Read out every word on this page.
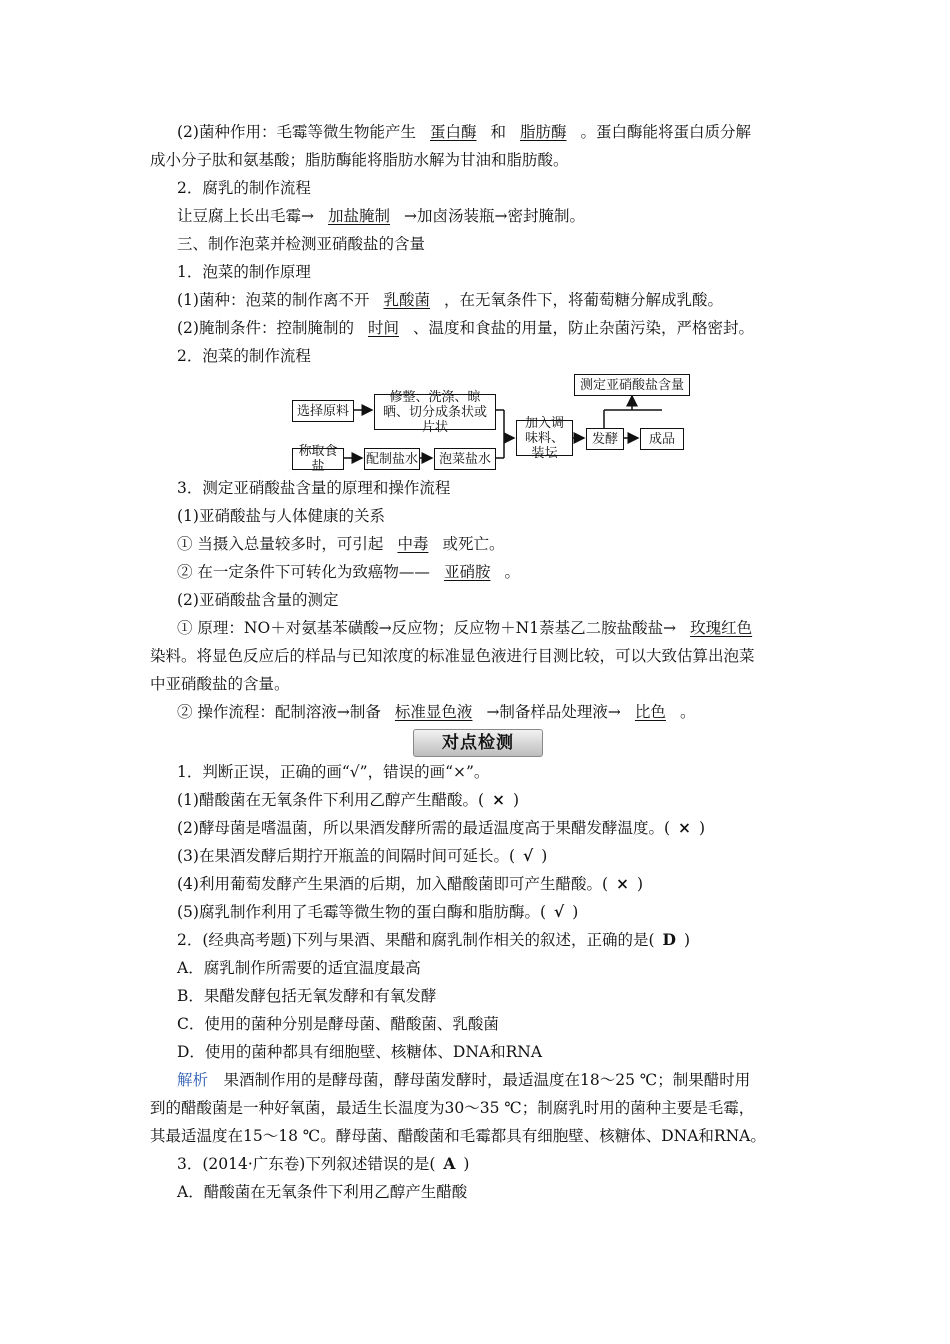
(2)菌种作用：毛霉等微生物能产生 蛋白酶 和 脂肪酶 。蛋白酶能将蛋白质分解
成小分子肽和氨基酸；脂肪酶能将脂肪水解为甘油和脂肪酸。
2．腐乳的制作流程
让豆腐上长出毛霉→ 加盐腌制 →加卤汤装瓶→密封腌制。
三、制作泡菜并检测亚硝酸盐的含量
1．泡菜的制作原理
(1)菌种：泡菜的制作离不开 乳酸菌 ，在无氧条件下，将葡萄糖分解成乳酸。
(2)腌制条件：控制腌制的 时间 、温度和食盐的用量，防止杂菌污染，严格密封。
2．泡菜的制作流程
选择原料
修整、洗涤、晾晒、切分成条状或片状
称取食盐	配制盐水	泡菜盐水
加入调味料、装坛
发酵	成品
测定亚硝酸盐含量
3．测定亚硝酸盐含量的原理和操作流程
(1)亚硝酸盐与人体健康的关系
① 当摄入总量较多时，可引起 中毒 或死亡。
② 在一定条件下可转化为致癌物—— 亚硝胺 。
(2)亚硝酸盐含量的测定
① 原理：NO＋对氨基苯磺酸→反应物；反应物＋N1萘基乙二胺盐酸盐→ 玫瑰红色
染料。将显色反应后的样品与已知浓度的标准显色液进行目测比较，可以大致估算出泡菜
中亚硝酸盐的含量。
② 操作流程：配制溶液→制备 标准显色液 →制备样品处理液→ 比色 。
对点检测
1．判断正误，正确的画“√”，错误的画“×”。
(1)醋酸菌在无氧条件下利用乙醇产生醋酸。( × )
(2)酵母菌是嗜温菌，所以果酒发酵所需的最适温度高于果醋发酵温度。( × )
(3)在果酒发酵后期拧开瓶盖的间隔时间可延长。( √ )
(4)利用葡萄发酵产生果酒的后期，加入醋酸菌即可产生醋酸。( × )
(5)腐乳制作利用了毛霉等微生物的蛋白酶和脂肪酶。( √ )
2．(经典高考题)下列与果酒、果醋和腐乳制作相关的叙述，正确的是( D )
A．腐乳制作所需要的适宜温度最高
B．果醋发酵包括无氧发酵和有氧发酵
C．使用的菌种分别是酵母菌、醋酸菌、乳酸菌
D．使用的菌种都具有细胞壁、核糖体、DNA和RNA
解析　 果酒制作用的是酵母菌，酵母菌发酵时，最适温度在18～25 ℃；制果醋时用
到的醋酸菌是一种好氧菌，最适生长温度为30～35 ℃；制腐乳时用的菌种主要是毛霉，
其最适温度在15～18 ℃。酵母菌、醋酸菌和毛霉都具有细胞壁、核糖体、DNA和RNA。
3．(2014·广东卷)下列叙述错误的是( A )
A．醋酸菌在无氧条件下利用乙醇产生醋酸
